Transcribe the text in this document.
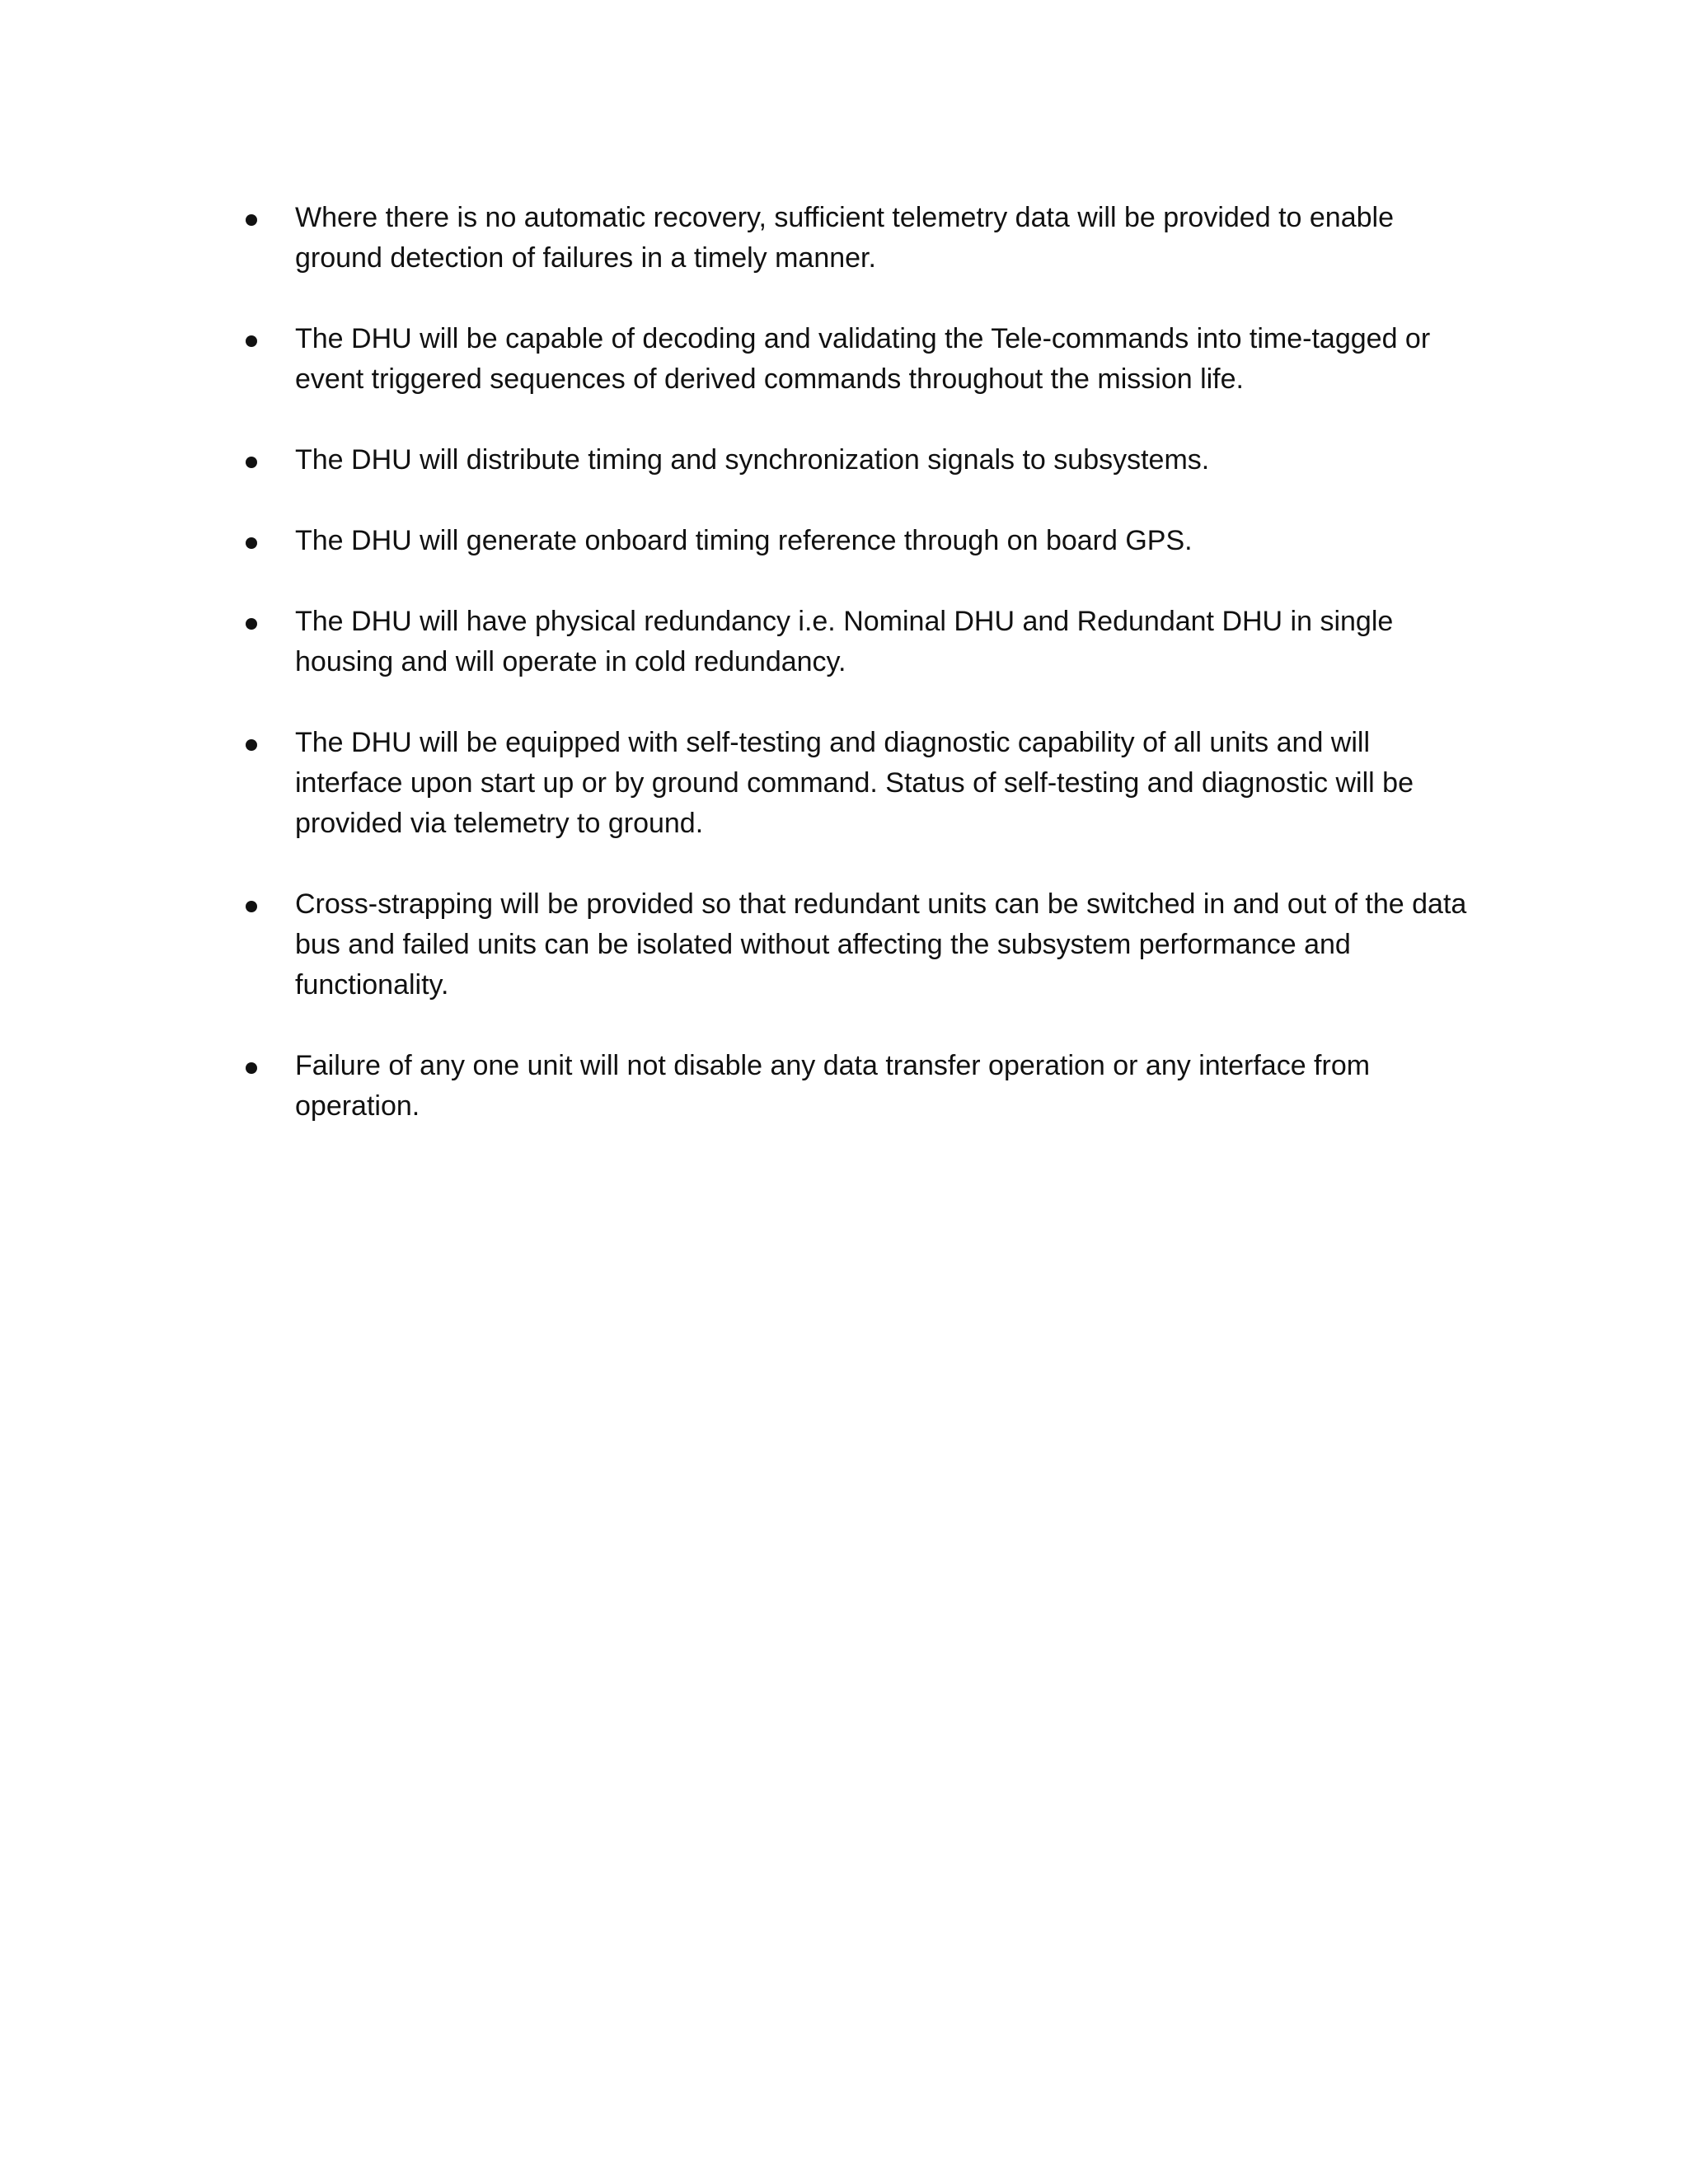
Where there is no automatic recovery, sufficient telemetry data will be provided to enable ground detection of failures in a timely manner.
The DHU will be capable of decoding and validating the Tele-commands into time-tagged or event triggered sequences of derived commands throughout the mission life.
The DHU will distribute timing and synchronization signals to subsystems.
The DHU will generate onboard timing reference through on board GPS.
The DHU will have physical redundancy i.e. Nominal DHU and Redundant DHU in single housing and will operate in cold redundancy.
The DHU will be equipped with self-testing and diagnostic capability of all units and will interface upon start up or by ground command. Status of self-testing and diagnostic will be provided via telemetry to ground.
Cross-strapping will be provided so that redundant units can be switched in and out of the data bus and failed units can be isolated without affecting the subsystem performance and functionality.
Failure of any one unit will not disable any data transfer operation or any interface from operation.
